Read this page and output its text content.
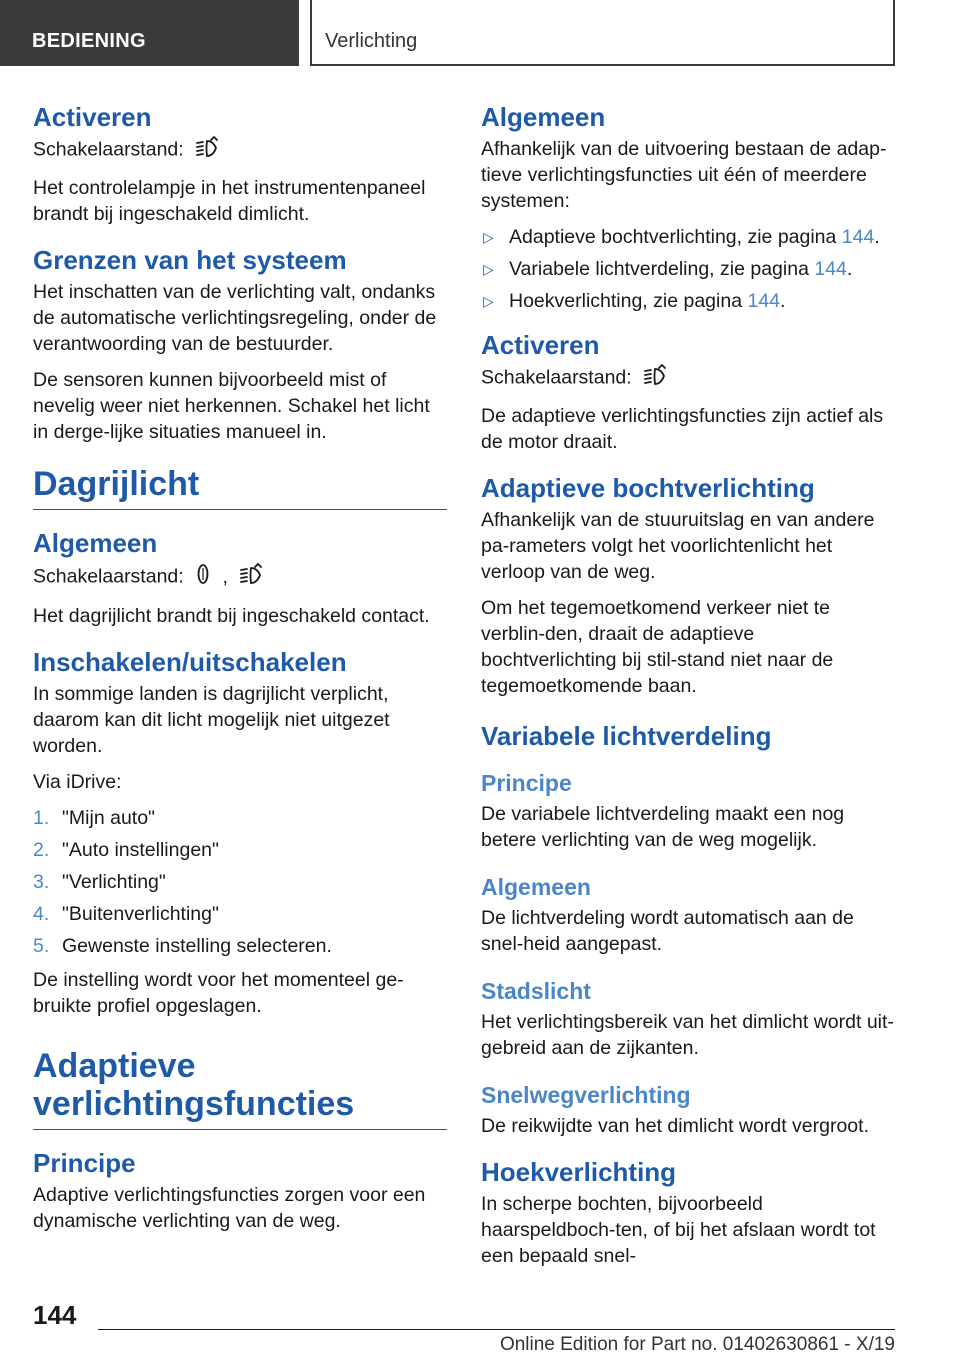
BEDIENING	Verlichting
Activeren

Schakelaarstand:

Het controlelampje in het instrumentenpaneel brandt bij ingeschakeld dimlicht.

Grenzen van het systeem

Het inschatten van de verlichting valt, ondanks de automatische verlichtingsregeling, onder de verantwoording van de bestuurder.

De sensoren kunnen bijvoorbeeld mist of nevelig weer niet herkennen. Schakel het licht in derge-lijke situaties manueel in.

Dagrijlicht
Algemeen

Schakelaarstand: ,

Het dagrijlicht brandt bij ingeschakeld contact.

Inschakelen/uitschakelen

In sommige landen is dagrijlicht verplicht, daarom kan dit licht mogelijk niet uitgezet worden.

Via iDrive:

1. "Mijn auto"
2. "Auto instellingen"
3. "Verlichting"
4. "Buitenverlichting"
5. Gewenste instelling selecteren.

De instelling wordt voor het momenteel ge-bruikte profiel opgeslagen.

Adaptieve
verlichtingsfuncties
Principe

Adaptive verlichtingsfuncties zorgen voor een dynamische verlichting van de weg.

Algemeen

Afhankelijk van de uitvoering bestaan de adap-tieve verlichtingsfuncties uit één of meerdere systemen:

▷ Adaptieve bochtverlichting, zie pagina 144.
▷ Variabele lichtverdeling, zie pagina 144.
▷ Hoekverlichting, zie pagina 144.
Activeren

Schakelaarstand:

De adaptieve verlichtingsfuncties zijn actief als de motor draait.

Adaptieve bochtverlichting

Afhankelijk van de stuuruitslag en van andere pa-rameters volgt het voorlichtenlicht het verloop van de weg.

Om het tegemoetkomend verkeer niet te verblin-den, draait de adaptieve bochtverlichting bij stil-stand niet naar de tegemoetkomende baan.

Variabele lichtverdeling
Principe

De variabele lichtverdeling maakt een nog betere verlichting van de weg mogelijk.

Algemeen

De lichtverdeling wordt automatisch aan de snel-heid aangepast.

Stadslicht

Het verlichtingsbereik van het dimlicht wordt uit-gebreid aan de zijkanten.

Snelwegverlichting

De reikwijdte van het dimlicht wordt vergroot.

Hoekverlichting

In scherpe bochten, bijvoorbeeld haarspeldboch-ten, of bij het afslaan wordt tot een bepaald snel-

144
Online Edition for Part no. 01402630861 - X/19
